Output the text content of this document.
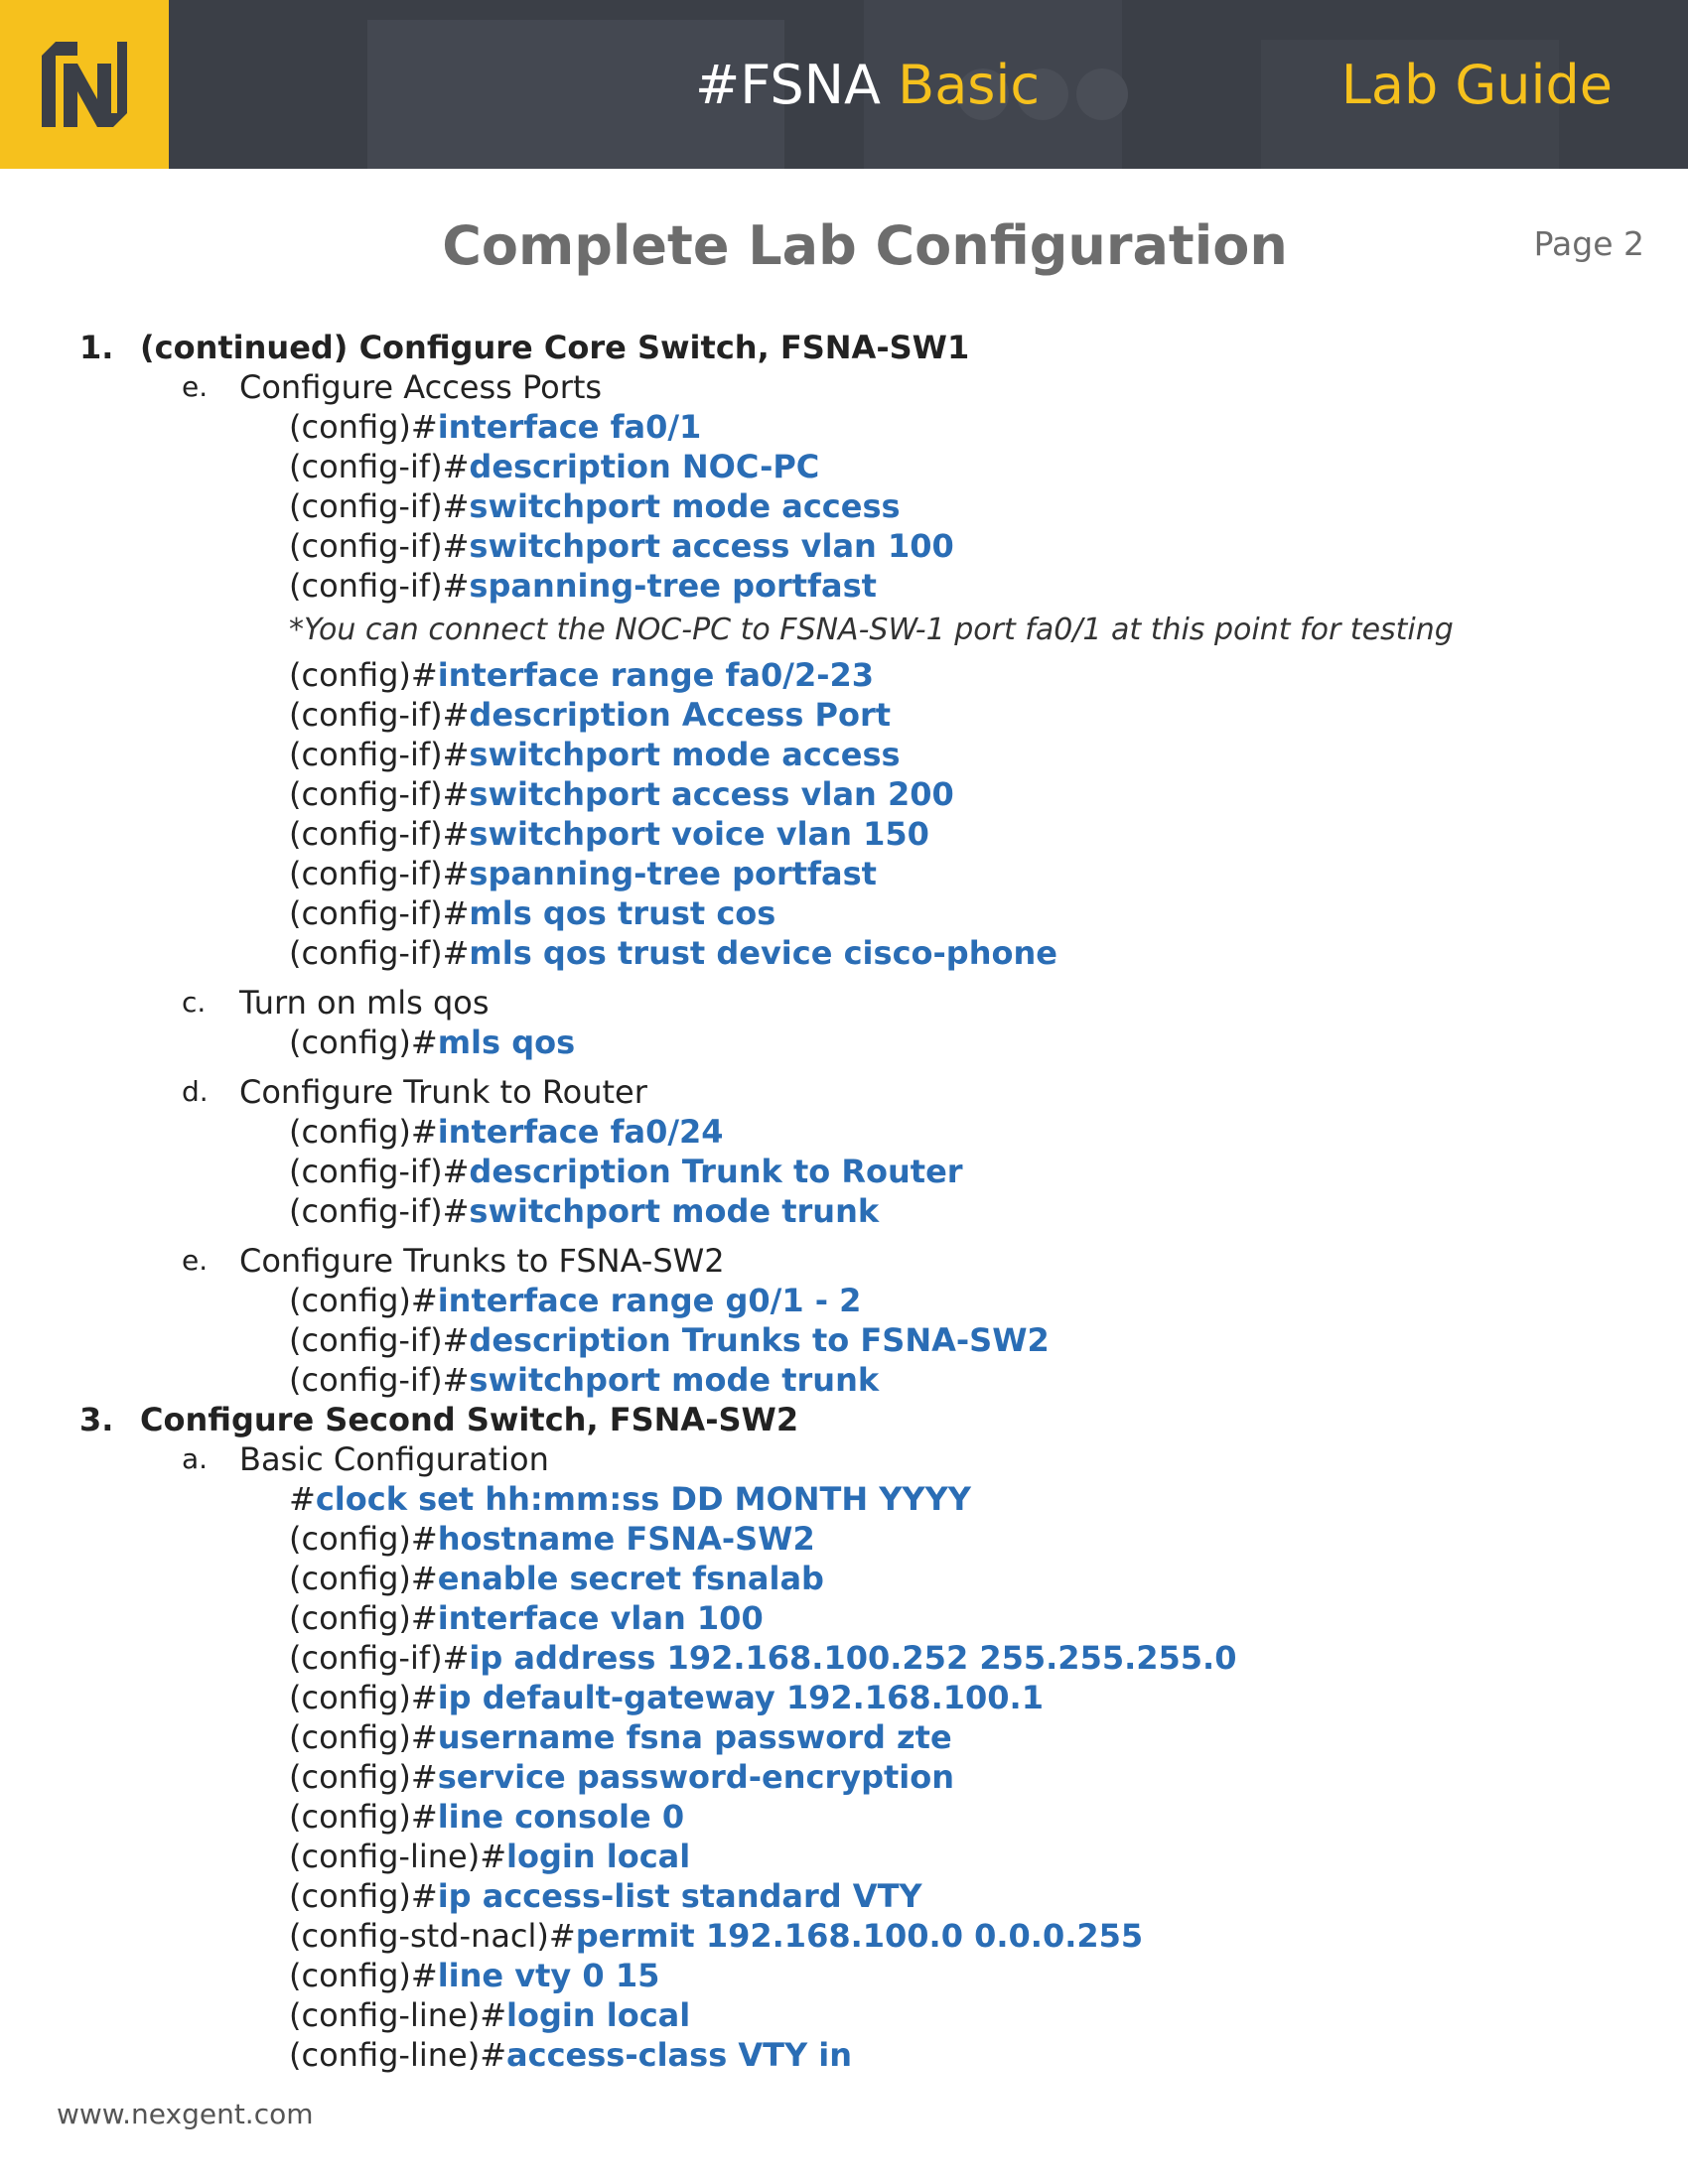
#FSNA Basic	Lab Guide
Complete Lab Configuration	Page 2
1. (continued) Configure Core Switch, FSNA-SW1
e. Configure Access Ports
(config)#interface fa0/1
(config-if)#description NOC-PC
(config-if)#switchport mode access
(config-if)#switchport access vlan 100
(config-if)#spanning-tree portfast
*You can connect the NOC-PC to FSNA-SW-1 port fa0/1 at this point for testing
(config)#interface range fa0/2-23
(config-if)#description Access Port
(config-if)#switchport mode access
(config-if)#switchport access vlan 200
(config-if)#switchport voice vlan 150
(config-if)#spanning-tree portfast
(config-if)#mls qos trust cos
(config-if)#mls qos trust device cisco-phone
c. Turn on mls qos
(config)#mls qos
d. Configure Trunk to Router
(config)#interface fa0/24
(config-if)#description Trunk to Router
(config-if)#switchport mode trunk
e. Configure Trunks to FSNA-SW2
(config)#interface range g0/1 - 2
(config-if)#description Trunks to FSNA-SW2
(config-if)#switchport mode trunk
3. Configure Second Switch, FSNA-SW2
a. Basic Configuration
#clock set hh:mm:ss DD MONTH YYYY
(config)#hostname FSNA-SW2
(config)#enable secret fsnalab
(config)#interface vlan 100
(config-if)#ip address 192.168.100.252 255.255.255.0
(config)#ip default-gateway 192.168.100.1
(config)#username fsna password zte
(config)#service password-encryption
(config)#line console 0
(config-line)#login local
(config)#ip access-list standard VTY
(config-std-nacl)#permit 192.168.100.0 0.0.0.255
(config)#line vty 0 15
(config-line)#login local
(config-line)#access-class VTY in
www.nexgent.com
